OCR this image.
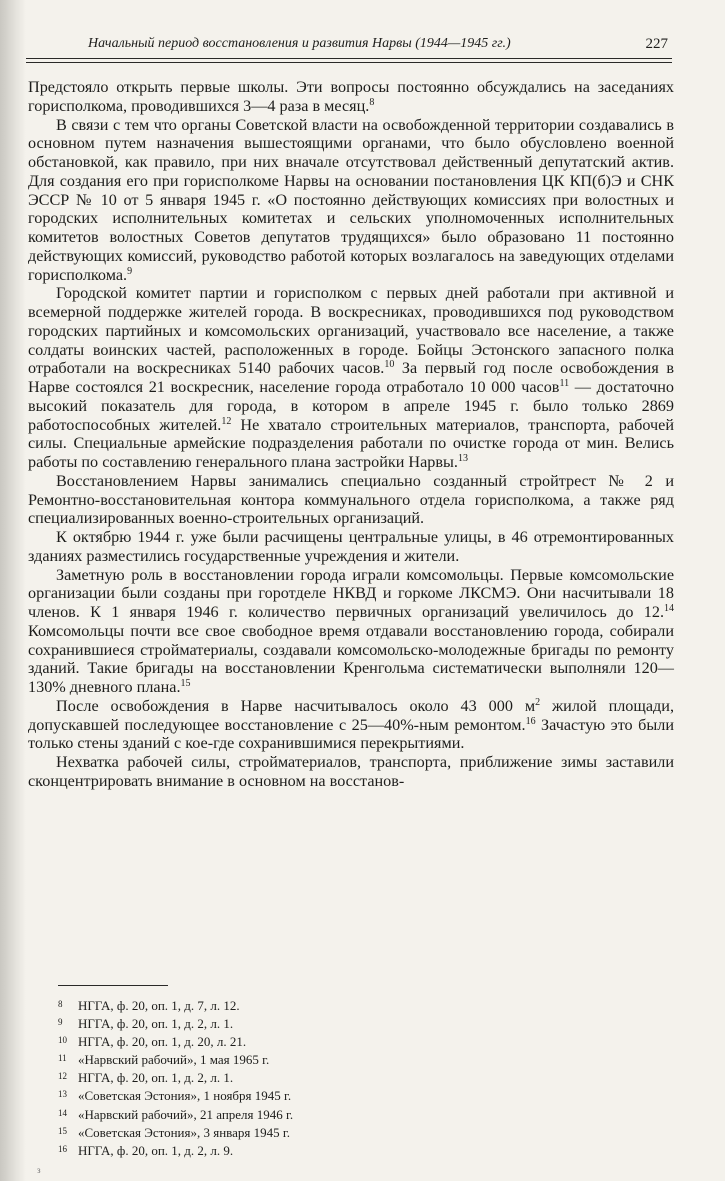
Начальный период восстановления и развития Нарвы (1944—1945 гг.)	227

Предстояло открыть первые школы. Эти вопросы постоянно обсуждались на заседаниях горисполкома, проводившихся 3—4 раза в месяц.$^8$

В связи с тем что органы Советской власти на освобожденной территории создавались в основном путем назначения вышестоящими органами, что было обусловлено военной обстановкой, как правило, при них вначале отсутствовал действенный депутатский актив. Для создания его при горисполкоме Нарвы на основании постановления ЦК КП(б)Э и СНК ЭССР № 10 от 5 января 1945 г. «О постоянно действующих комиссиях при волостных и городских исполнительных комитетах и сельских уполномоченных исполнительных комитетов волостных Советов депутатов трудящихся» было образовано 11 постоянно действующих комиссий, руководство работой которых возлагалось на заведующих отделами горисполкома.$^9$

Городской комитет партии и горисполком с первых дней работали при активной и всемерной поддержке жителей города. В воскресниках, проводившихся под руководством городских партийных и комсомольских организаций, участвовало все население, а также солдаты воинских частей, расположенных в городе. Бойцы Эстонского запасного полка отработали на воскресниках 5140 рабочих часов.$^{10}$ За первый год после освобождения в Нарве состоялся 21 воскресник, население города отработало 10 000 часов$^{11}$ — достаточно высокий показатель для города, в котором в апреле 1945 г. было только 2869 работоспособных жителей.$^{12}$ Не хватало строительных материалов, транспорта, рабочей силы. Специальные армейские подразделения работали по очистке города от мин. Велись работы по составлению генерального плана застройки Нарвы.$^{13}$

Восстановлением Нарвы занимались специально созданный стройтрест № 2 и Ремонтно-восстановительная контора коммунального отдела горисполкома, а также ряд специализированных военно-строительных организаций.

К октябрю 1944 г. уже были расчищены центральные улицы, в 46 отремонтированных зданиях разместились государственные учреждения и жители.

Заметную роль в восстановлении города играли комсомольцы. Первые комсомольские организации были созданы при горотделе НКВД и горкоме ЛКСМЭ. Они насчитывали 18 членов. К 1 января 1946 г. количество первичных организаций увеличилось до 12.14 Комсомольцы почти все свое свободное время отдавали восстановлению города, собирали сохранившиеся стройматериалы, создавали комсомольско-молодежные бригады по ремонту зданий. Такие бригады на восстановлении Кренгольма систематически выполняли 120—130% дневного плана.$^{15}$

После освобождения в Нарве насчитывалось около 43 000 $м^2$ жилой площади, допускавшей последующее восстановление с 25—40%-ным ремонтом.$^{16}$ Зачастую это были только стены зданий с кое-где сохранившимися перекрытиями.

Нехватка рабочей силы, стройматериалов, транспорта, приближение зимы заставили сконцентрировать внимание в основном на восстанов-

8 НГГА, ф. 20, оп. 1, д. 7, л. 12.
9 НГГА, ф. 20, оп. 1, д. 2, л. 1.
10 НГГА, ф. 20, оп. 1, д. 20, л. 21.
11 «Нарвский рабочий», 1 мая 1965 г.
12 НГГА, ф. 20, оп. 1, д. 2, л. 1.
13 «Советская Эстония», 1 ноября 1945 г.
14 «Нарвский рабочий», 21 апреля 1946 г.
15 «Советская Эстония», 3 января 1945 г.
16 НГГА, ф. 20, оп. 1, д. 2, л. 9.
з
